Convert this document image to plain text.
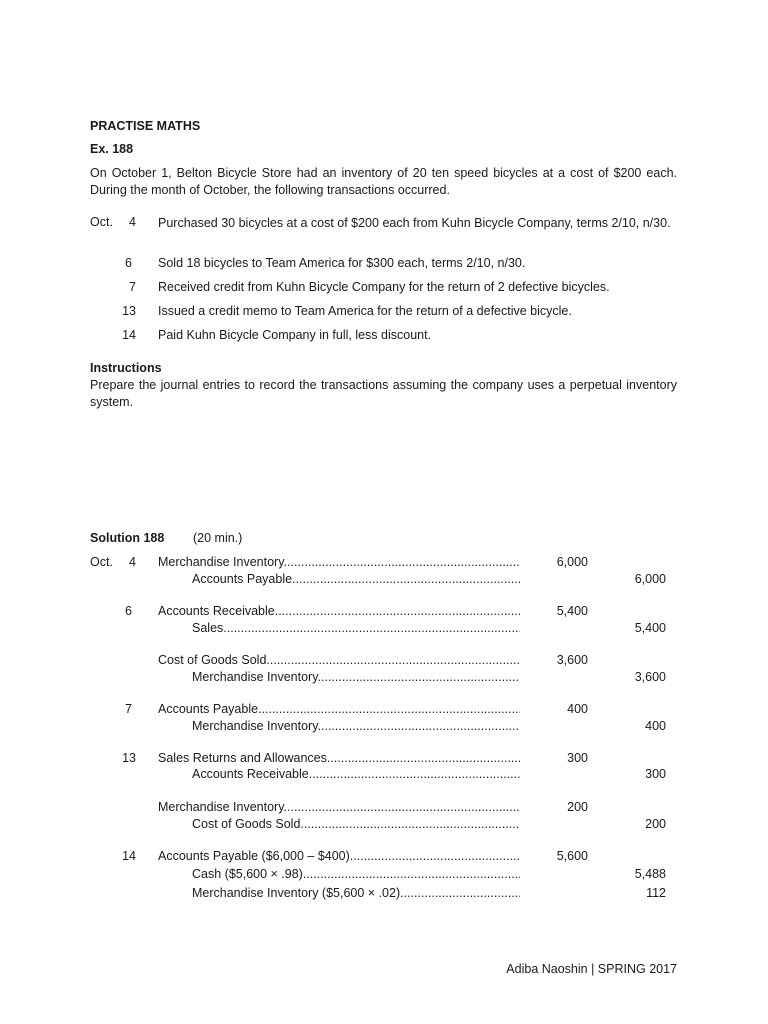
PRACTISE MATHS
Ex. 188
On October 1, Belton Bicycle Store had an inventory of 20 ten speed bicycles at a cost of $200 each. During the month of October, the following transactions occurred.
Oct.	4 Purchased 30 bicycles at a cost of $200 each from Kuhn Bicycle Company, terms 2/10, n/30.
6 Sold 18 bicycles to Team America for $300 each, terms 2/10, n/30.
7 Received credit from Kuhn Bicycle Company for the return of 2 defective bicycles.
13 Issued a credit memo to Team America for the return of a defective bicycle.
14 Paid Kuhn Bicycle Company in full, less discount.
Instructions
Prepare the journal entries to record the transactions assuming the company uses a perpetual inventory system.
Solution 188 (20 min.)
Oct.	4 Merchandise Inventory .....	6,000
Accounts Payable .....	6,000
6 Accounts Receivable .....	5,400
Sales .....	5,400
Cost of Goods Sold .....	3,600
Merchandise Inventory .....	3,600
7 Accounts Payable .....	400
Merchandise Inventory .....	400
13 Sales Returns and Allowances .....	300
Accounts Receivable .....	300
Merchandise Inventory .....	200
Cost of Goods Sold .....	200
14 Accounts Payable ($6,000 – $400) .....	5,600
Cash ($5,600 × .98) .....	5,488
Merchandise Inventory ($5,600 × .02) .....	112
Adiba Naoshin | SPRING 2017
